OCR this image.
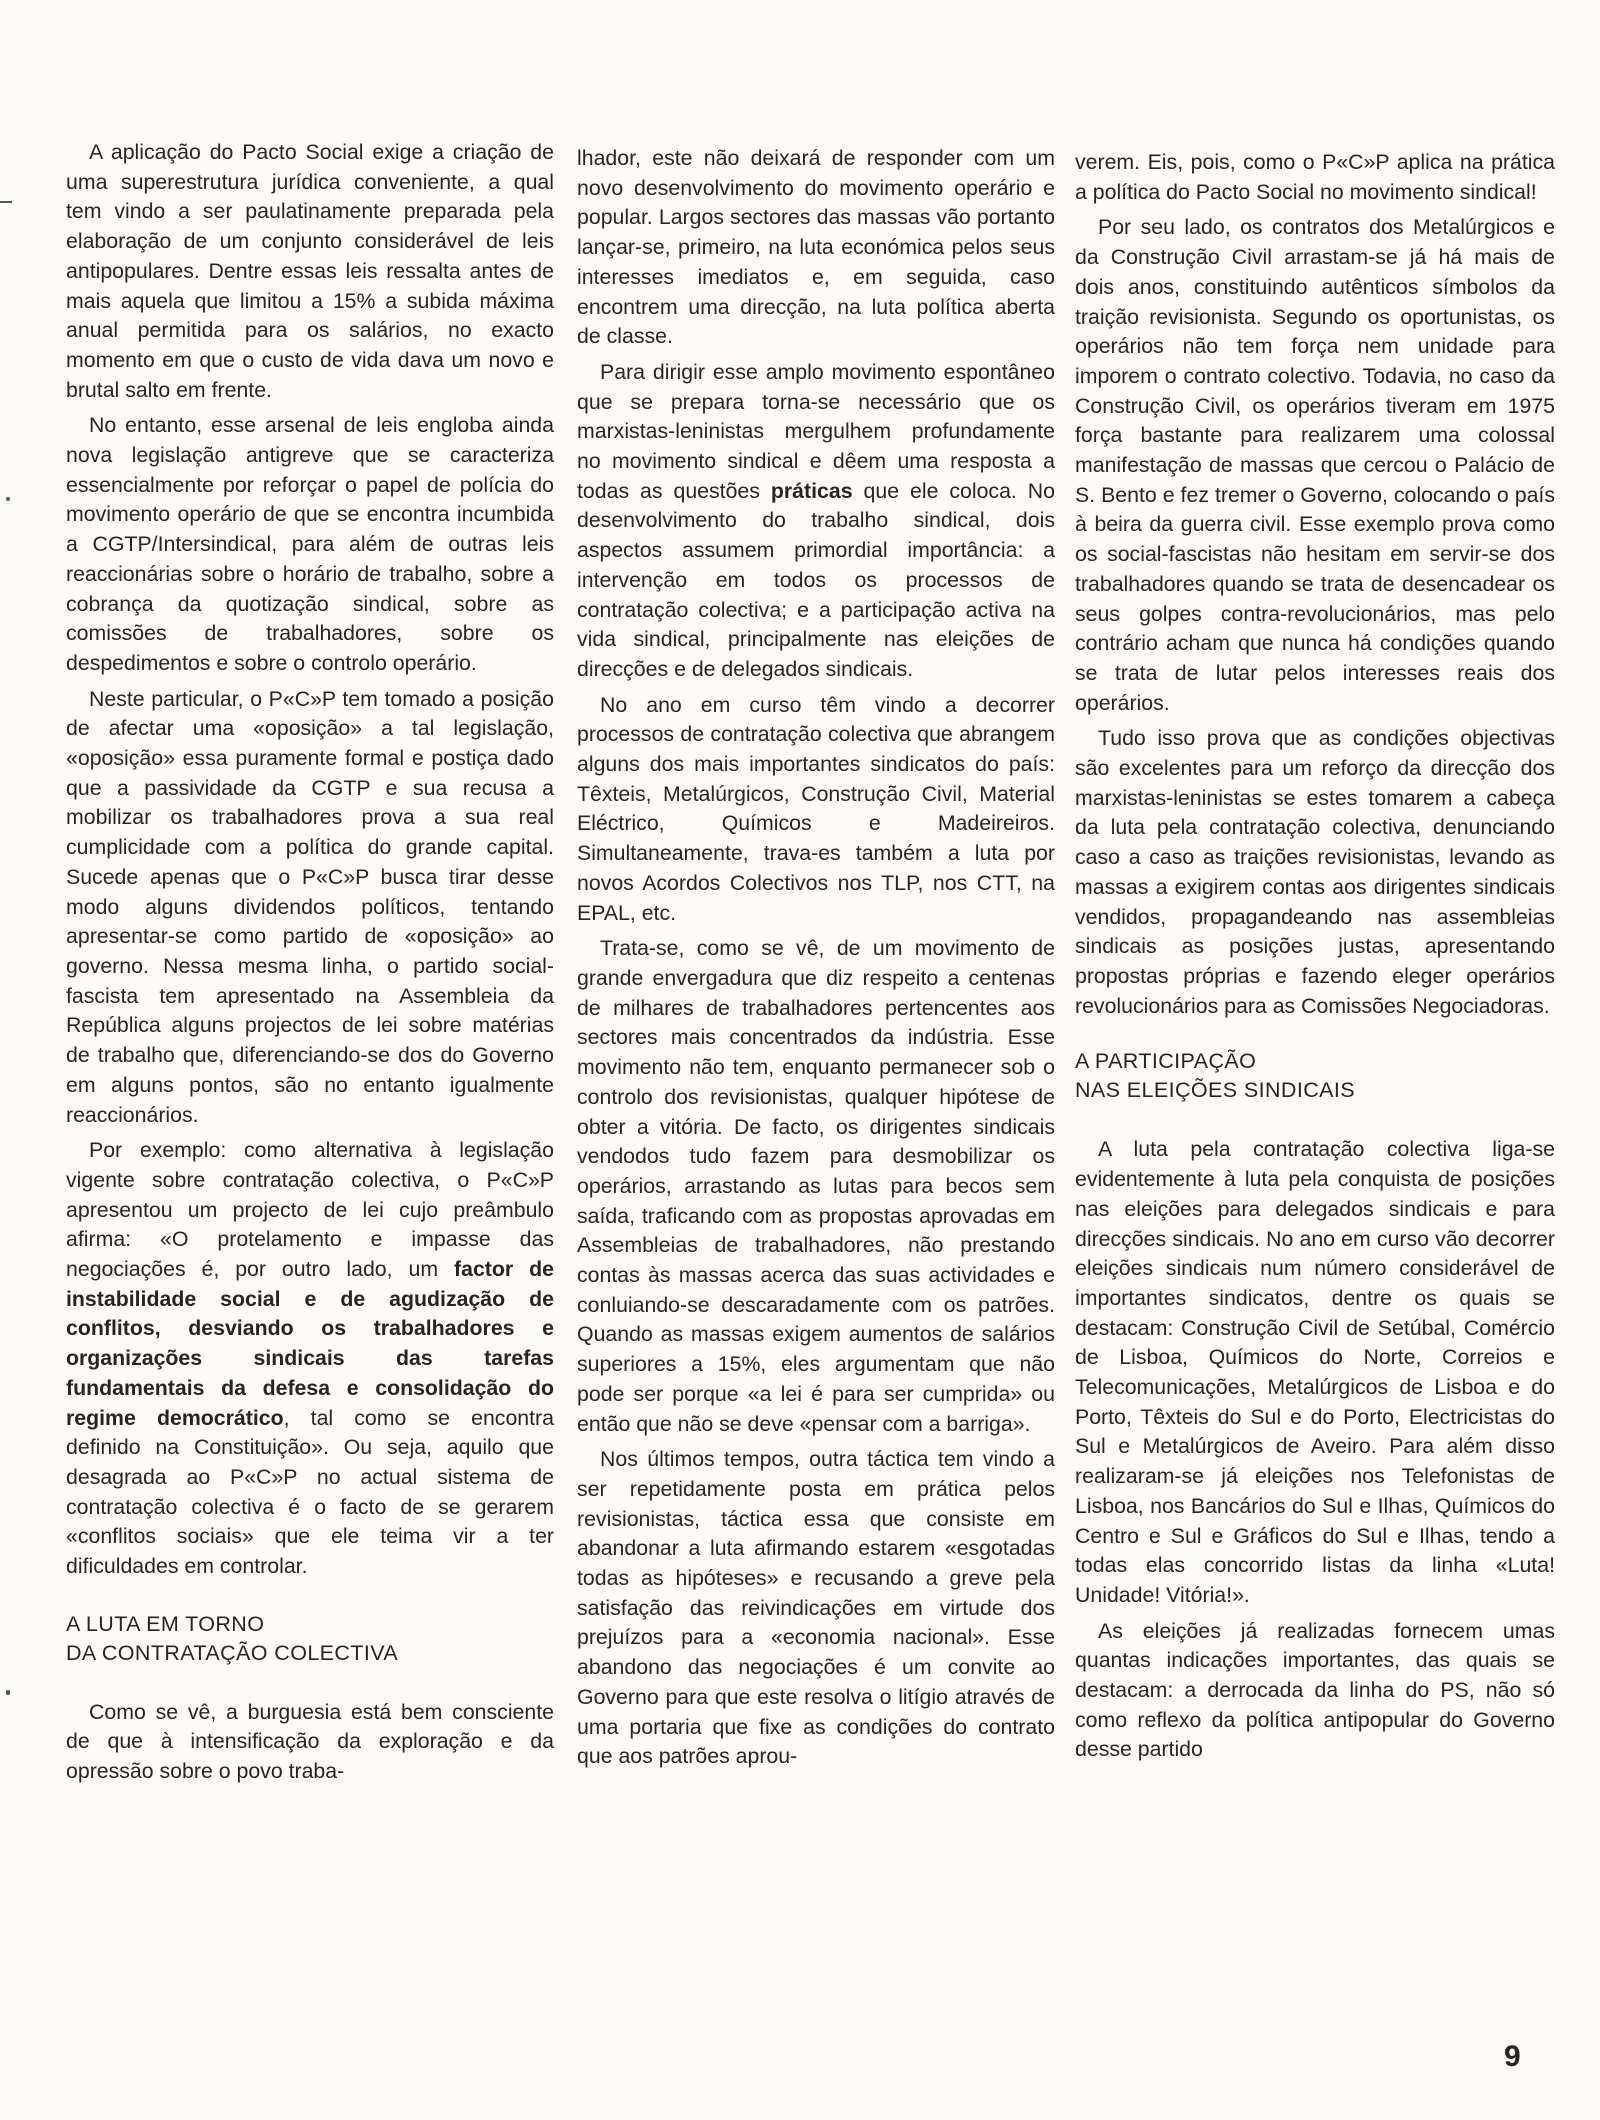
A aplicação do Pacto Social exige a criação de uma superestrutura jurídica conveniente, a qual tem vindo a ser paulatinamente preparada pela elaboração de um conjunto considerável de leis antipopulares. Dentre essas leis ressalta antes de mais aquela que limitou a 15% a subida máxima anual permitida para os salários, no exacto momento em que o custo de vida dava um novo e brutal salto em frente.

No entanto, esse arsenal de leis engloba ainda nova legislação antigreve que se caracteriza essencialmente por reforçar o papel de polícia do movimento operário de que se encontra incumbida a CGTP/Intersindical, para além de outras leis reaccionárias sobre o horário de trabalho, sobre a cobrança da quotização sindical, sobre as comissões de trabalhadores, sobre os despedimentos e sobre o controlo operário.

Neste particular, o P«C»P tem tomado a posição de afectar uma «oposição» a tal legislação, «oposição» essa puramente formal e postiça dado que a passividade da CGTP e sua recusa a mobilizar os trabalhadores prova a sua real cumplicidade com a política do grande capital. Sucede apenas que o P«C»P busca tirar desse modo alguns dividendos políticos, tentando apresentar-se como partido de «oposição» ao governo. Nessa mesma linha, o partido social-fascista tem apresentado na Assembleia da República alguns projectos de lei sobre matérias de trabalho que, diferenciando-se dos do Governo em alguns pontos, são no entanto igualmente reaccionários.

Por exemplo: como alternativa à legislação vigente sobre contratação colectiva, o P«C»P apresentou um projecto de lei cujo preâmbulo afirma: «O protelamento e impasse das negociações é, por outro lado, um factor de instabilidade social e de agudização de conflitos, desviando os trabalhadores e organizações sindicais das tarefas fundamentais da defesa e consolidação do regime democrático, tal como se encontra definido na Constituição». Ou seja, aquilo que desagrada ao P«C»P no actual sistema de contratação colectiva é o facto de se gerarem «conflitos sociais» que ele teima vir a ter dificuldades em controlar.

A LUTA EM TORNO
DA CONTRATAÇÃO COLECTIVA

Como se vê, a burguesia está bem consciente de que à intensificação da exploração e da opressão sobre o povo traba-

lhador, este não deixará de responder com um novo desenvolvimento do movimento operário e popular. Largos sectores das massas vão portanto lançar-se, primeiro, na luta económica pelos seus interesses imediatos e, em seguida, caso encontrem uma direcção, na luta política aberta de classe.

Para dirigir esse amplo movimento espontâneo que se prepara torna-se necessário que os marxistas-leninistas mergulhem profundamente no movimento sindical e dêem uma resposta a todas as questões práticas que ele coloca. No desenvolvimento do trabalho sindical, dois aspectos assumem primordial importância: a intervenção em todos os processos de contratação colectiva; e a participação activa na vida sindical, principalmente nas eleições de direcções e de delegados sindicais.

No ano em curso têm vindo a decorrer processos de contratação colectiva que abrangem alguns dos mais importantes sindicatos do país: Têxteis, Metalúrgicos, Construção Civil, Material Eléctrico, Químicos e Madeireiros. Simultaneamente, trava-es também a luta por novos Acordos Colectivos nos TLP, nos CTT, na EPAL, etc.

Trata-se, como se vê, de um movimento de grande envergadura que diz respeito a centenas de milhares de trabalhadores pertencentes aos sectores mais concentrados da indústria. Esse movimento não tem, enquanto permanecer sob o controlo dos revisionistas, qualquer hipótese de obter a vitória. De facto, os dirigentes sindicais vendodos tudo fazem para desmobilizar os operários, arrastando as lutas para becos sem saída, traficando com as propostas aprovadas em Assembleias de trabalhadores, não prestando contas às massas acerca das suas actividades e conluiando-se descaradamente com os patrões. Quando as massas exigem aumentos de salários superiores a 15%, eles argumentam que não pode ser porque «a lei é para ser cumprida» ou então que não se deve «pensar com a barriga».

Nos últimos tempos, outra táctica tem vindo a ser repetidamente posta em prática pelos revisionistas, táctica essa que consiste em abandonar a luta afirmando estarem «esgotadas todas as hipóteses» e recusando a greve pela satisfação das reivindicações em virtude dos prejuízos para a «economia nacional». Esse abandono das negociações é um convite ao Governo para que este resolva o litígio através de uma portaria que fixe as condições do contrato que aos patrões aprou-

verem. Eis, pois, como o P«C»P aplica na prática a política do Pacto Social no movimento sindical!

Por seu lado, os contratos dos Metalúrgicos e da Construção Civil arrastam-se já há mais de dois anos, constituindo autênticos símbolos da traição revisionista. Segundo os oportunistas, os operários não tem força nem unidade para imporem o contrato colectivo. Todavia, no caso da Construção Civil, os operários tiveram em 1975 força bastante para realizarem uma colossal manifestação de massas que cercou o Palácio de S. Bento e fez tremer o Governo, colocando o país à beira da guerra civil. Esse exemplo prova como os social-fascistas não hesitam em servir-se dos trabalhadores quando se trata de desencadear os seus golpes contra-revolucionários, mas pelo contrário acham que nunca há condições quando se trata de lutar pelos interesses reais dos operários.

Tudo isso prova que as condições objectivas são excelentes para um reforço da direcção dos marxistas-leninistas se estes tomarem a cabeça da luta pela contratação colectiva, denunciando caso a caso as traições revisionistas, levando as massas a exigirem contas aos dirigentes sindicais vendidos, propagandeando nas assembleias sindicais as posições justas, apresentando propostas próprias e fazendo eleger operários revolucionários para as Comissões Negociadoras.

A PARTICIPAÇÃO
NAS ELEIÇÕES SINDICAIS

A luta pela contratação colectiva liga-se evidentemente à luta pela conquista de posições nas eleições para delegados sindicais e para direcções sindicais. No ano em curso vão decorrer eleições sindicais num número considerável de importantes sindicatos, dentre os quais se destacam: Construção Civil de Setúbal, Comércio de Lisboa, Químicos do Norte, Correios e Telecomunicações, Metalúrgicos de Lisboa e do Porto, Têxteis do Sul e do Porto, Electricistas do Sul e Metalúrgicos de Aveiro. Para além disso realizaram-se já eleições nos Telefonistas de Lisboa, nos Bancários do Sul e Ilhas, Químicos do Centro e Sul e Gráficos do Sul e Ilhas, tendo a todas elas concorrido listas da linha «Luta! Unidade! Vitória!».

As eleições já realizadas fornecem umas quantas indicações importantes, das quais se destacam: a derrocada da linha do PS, não só como reflexo da política antipopular do Governo desse partido

9
